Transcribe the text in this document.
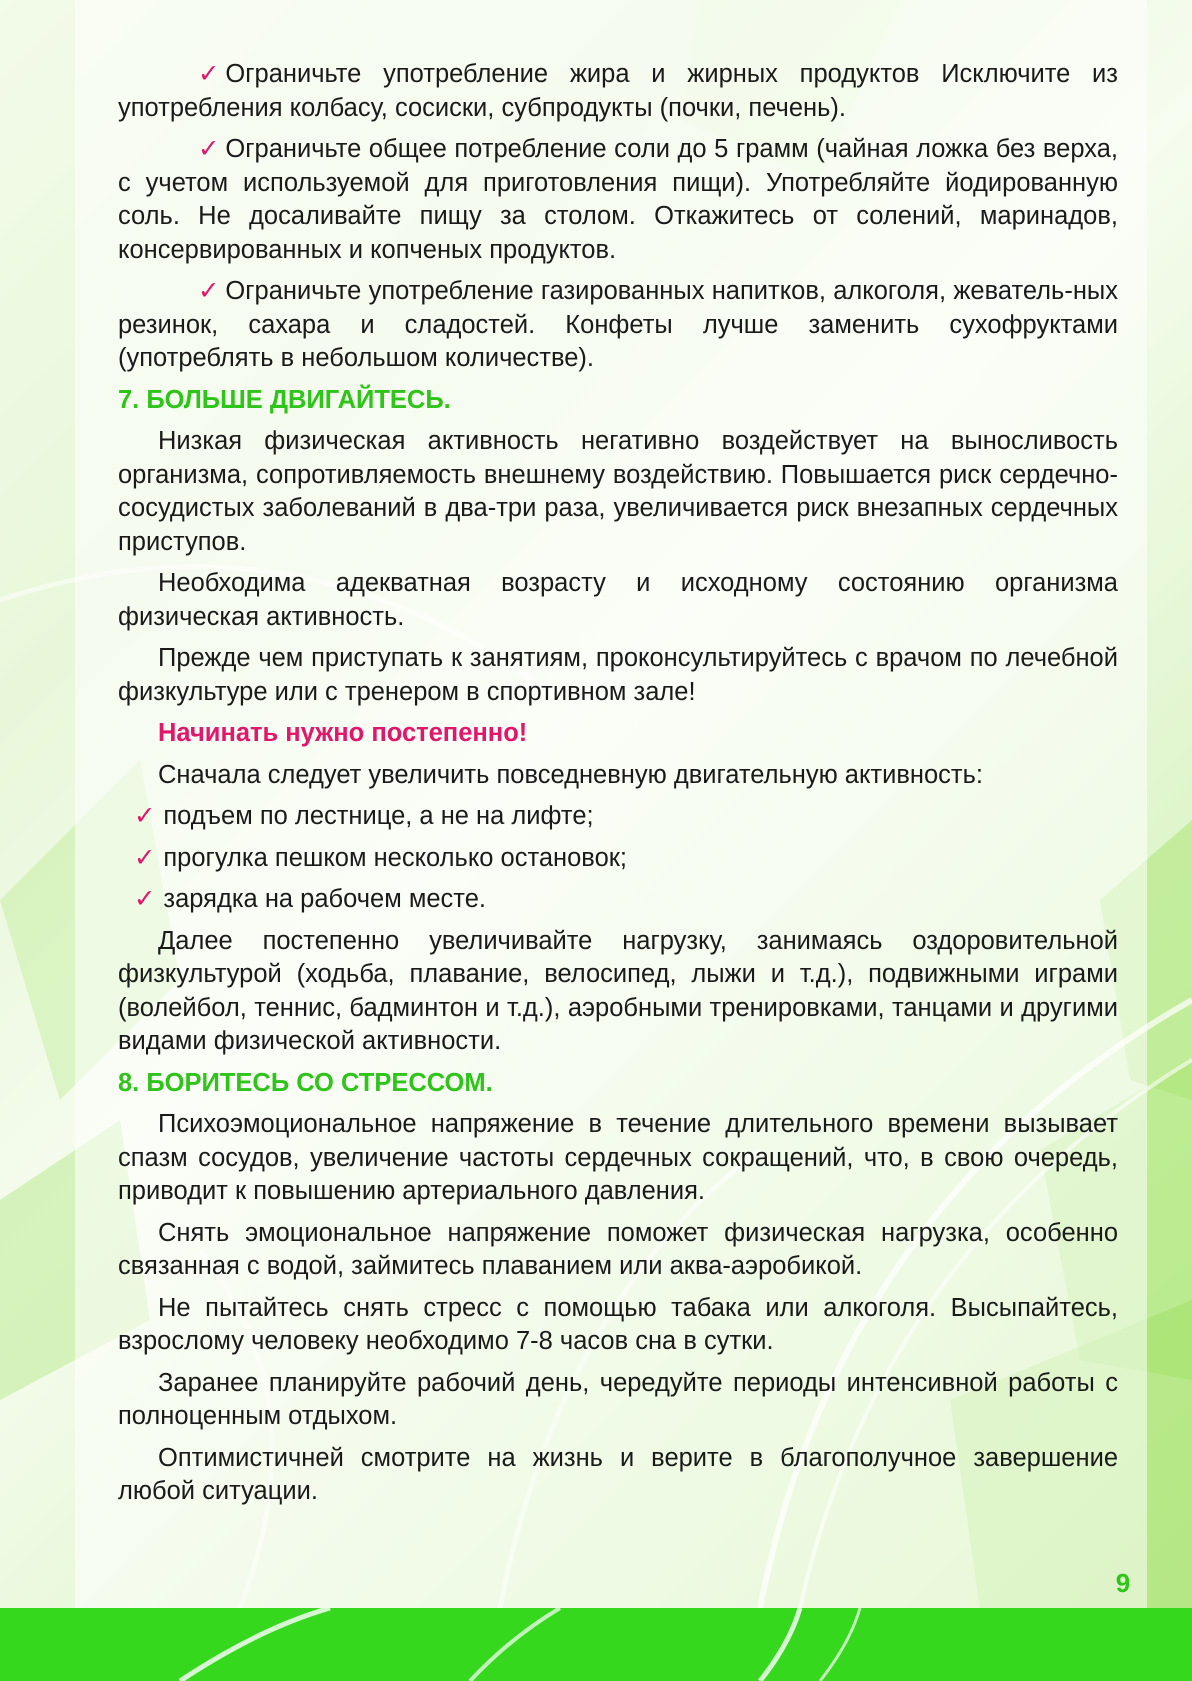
✓ Ограничьте употребление жира и жирных продуктов Исключите из употребления колбасу, сосиски, субпродукты (почки, печень).

✓ Ограничьте общее потребление соли до 5 грамм (чайная ложка без верха, с учетом используемой для приготовления пищи). Употребляйте йодированную соль. Не досаливайте пищу за столом. Откажитесь от солений, маринадов, консервированных и копченых продуктов.

✓ Ограничьте употребление газированных напитков, алкоголя, жеватель-ных резинок, сахара и сладостей. Конфеты лучше заменить сухофруктами (употреблять в небольшом количестве).

7. БОЛЬШЕ ДВИГАЙТЕСЬ.

Низкая физическая активность негативно воздействует на выносливость организма, сопротивляемость внешнему воздействию. Повышается риск сердечно-сосудистых заболеваний в два-три раза, увеличивается риск внезапных сердечных приступов.

Необходима адекватная возрасту и исходному состоянию организма физическая активность.

Прежде чем приступать к занятиям, проконсультируйтесь с врачом по лечебной физкультуре или с тренером в спортивном зале!

Начинать нужно постепенно!

Сначала следует увеличить повседневную двигательную активность:

✓ подъем по лестнице, а не на лифте;
✓ прогулка пешком несколько остановок;
✓ зарядка на рабочем месте.

Далее постепенно увеличивайте нагрузку, занимаясь оздоровительной физкультурой (ходьба, плавание, велосипед, лыжи и т.д.), подвижными играми (волейбол, теннис, бадминтон и т.д.), аэробными тренировками, танцами и другими видами физической активности.

8. БОРИТЕСЬ СО СТРЕССОМ.

Психоэмоциональное напряжение в течение длительного времени вызывает спазм сосудов, увеличение частоты сердечных сокращений, что, в свою очередь, приводит к повышению артериального давления.

Снять эмоциональное напряжение поможет физическая нагрузка, особенно связанная с водой, займитесь плаванием или аква-аэробикой.

Не пытайтесь снять стресс с помощью табака или алкоголя. Высыпайтесь, взрослому человеку необходимо 7-8 часов сна в сутки.

Заранее планируйте рабочий день, чередуйте периоды интенсивной работы с полноценным отдыхом.

Оптимистичней смотрите на жизнь и верите в благополучное завершение любой ситуации.

9
